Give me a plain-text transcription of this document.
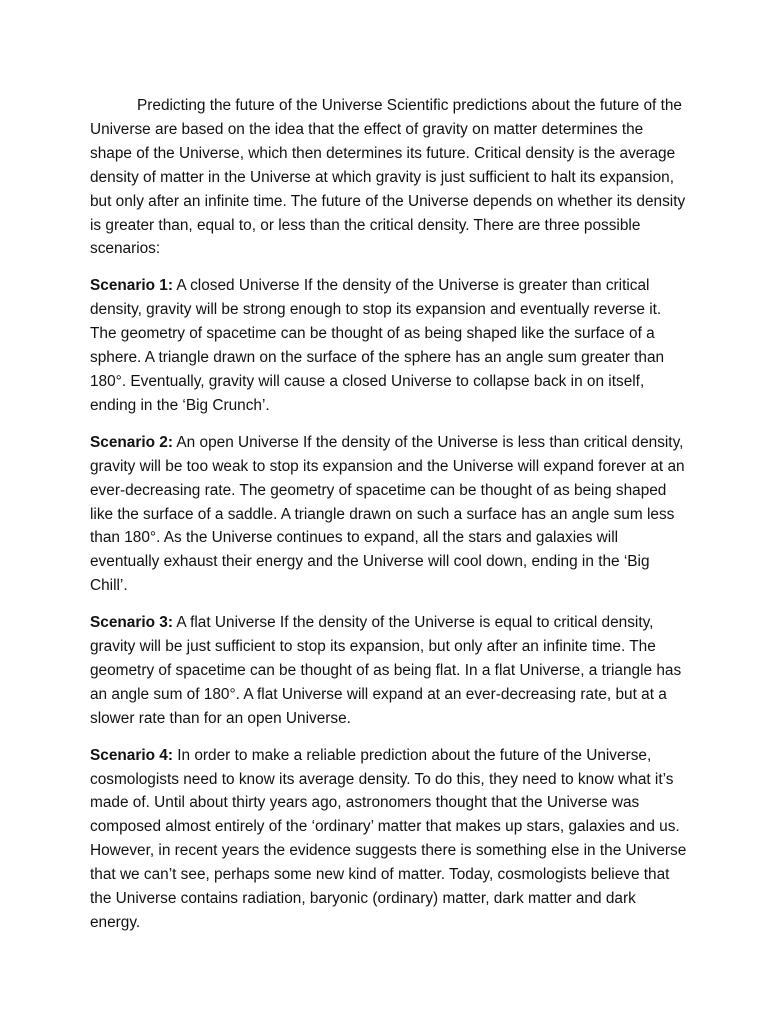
Predicting the future of the Universe Scientific predictions about the future of the Universe are based on the idea that the effect of gravity on matter determines the shape of the Universe, which then determines its future. Critical density is the average density of matter in the Universe at which gravity is just sufficient to halt its expansion, but only after an infinite time. The future of the Universe depends on whether its density is greater than, equal to, or less than the critical density. There are three possible scenarios:

Scenario 1: A closed Universe If the density of the Universe is greater than critical density, gravity will be strong enough to stop its expansion and eventually reverse it. The geometry of spacetime can be thought of as being shaped like the surface of a sphere. A triangle drawn on the surface of the sphere has an angle sum greater than 180°. Eventually, gravity will cause a closed Universe to collapse back in on itself, ending in the ‘Big Crunch’.

Scenario 2: An open Universe If the density of the Universe is less than critical density, gravity will be too weak to stop its expansion and the Universe will expand forever at an ever-decreasing rate. The geometry of spacetime can be thought of as being shaped like the surface of a saddle. A triangle drawn on such a surface has an angle sum less than 180°. As the Universe continues to expand, all the stars and galaxies will eventually exhaust their energy and the Universe will cool down, ending in the ‘Big Chill’.

Scenario 3: A flat Universe If the density of the Universe is equal to critical density, gravity will be just sufficient to stop its expansion, but only after an infinite time. The geometry of spacetime can be thought of as being flat. In a flat Universe, a triangle has an angle sum of 180°. A flat Universe will expand at an ever-decreasing rate, but at a slower rate than for an open Universe.

Scenario 4: In order to make a reliable prediction about the future of the Universe, cosmologists need to know its average density. To do this, they need to know what it’s made of. Until about thirty years ago, astronomers thought that the Universe was composed almost entirely of the ‘ordinary’ matter that makes up stars, galaxies and us. However, in recent years the evidence suggests there is something else in the Universe that we can’t see, perhaps some new kind of matter. Today, cosmologists believe that the Universe contains radiation, baryonic (ordinary) matter, dark matter and dark energy.
